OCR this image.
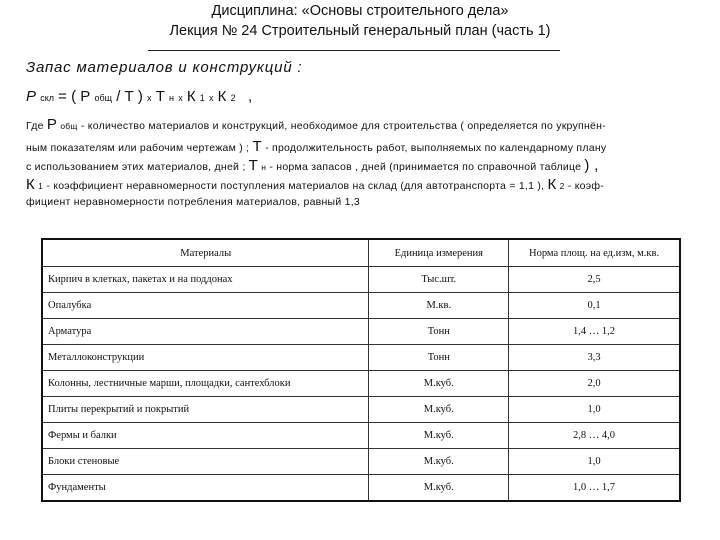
Дисциплина: «Основы строительного дела»
Лекция № 24 Строительный генеральный план (часть 1)
Запас материалов и конструкций :
Р скл = ( Р общ / Т ) х Т н х К 1 х К 2 ,
Где Р общ - количество материалов и конструкций, необходимое для строительства ( определяется по укрупнён-
ным показателям или рабочим чертежам ) ; Т - продолжительность работ, выполняемых по календарному плану
с использованием этих материалов, дней ; Т н - норма запасов , дней (принимается по справочной таблице ) ,
К 1 - коэффициент неравномерности поступления материалов на склад (для автотранспорта = 1,1 ), К 2 - коэф-
фициент неравномерности потребления материалов, равный 1,3
Материалы	Единица измерения	Норма площ. на ед.изм, м.кв.
Кирпич в клетках, пакетах и на поддонах	Тыс.шт.	2,5
Опалубка	М.кв.	0,1
Арматура	Тонн	1,4 … 1,2
Металлоконструкции	Тонн	3,3
Колонны, лестничные марши, площадки, сантехблоки	М.куб.	2,0
Плиты перекрытий и покрытий	М.куб.	1,0
Фермы и балки	М.куб.	2,8 … 4,0
Блоки стеновые	М.куб.	1,0
Фундаменты	М.куб.	1,0 … 1,7
